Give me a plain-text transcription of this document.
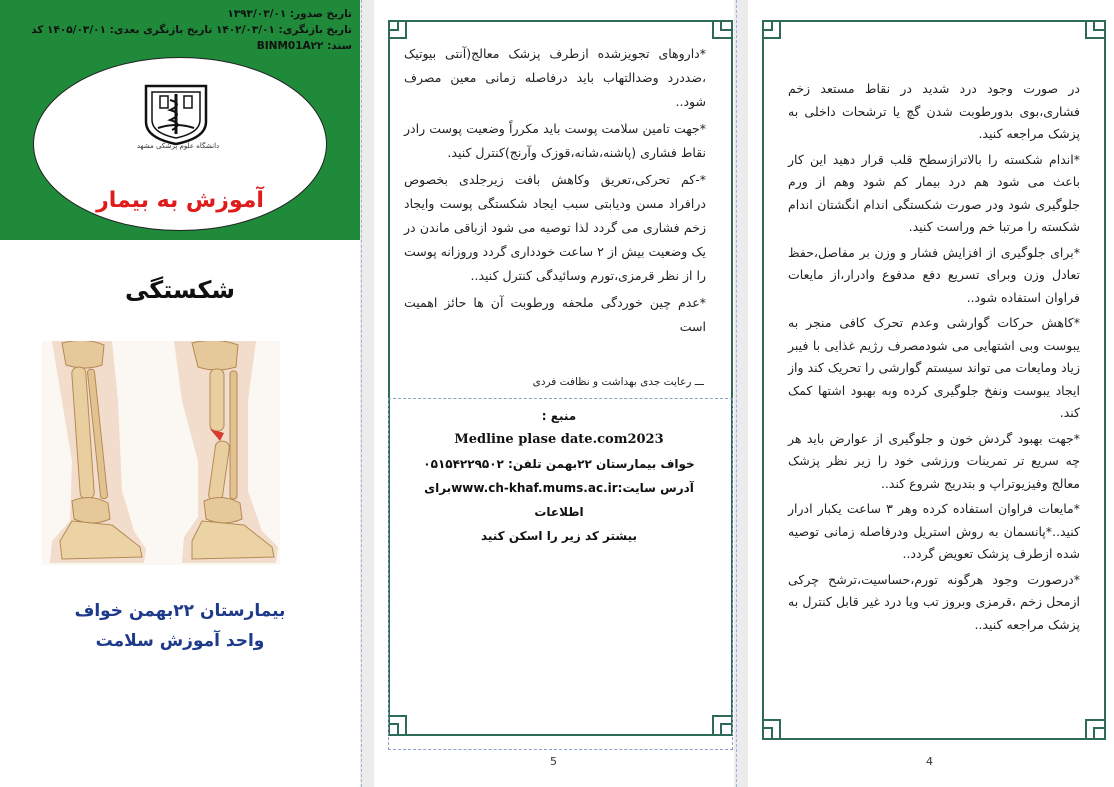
تاریخ صدور: ۱۳۹۳/۰۳/۰۱
تاریخ بازنگری: ۱۴۰۲/۰۳/۰۱ تاریخ بازنگری بعدی: ۱۴۰۵/۰۳/۰۱ کد
سند: BINM01A۲۲
دانشگاه علوم پزشکی مشهد
آموزش به بیمار
شکستگی
بیمارستان ۲۲بهمن خواف
واحد آموزش سلامت

*داروهای تجویزشده ازطرف پزشک معالج(آنتی بیوتیک ،ضددرد وضدالتهاب باید درفاصله زمانی معین مصرف شود..

*جهت تامین سلامت پوست باید مکرراً وضعیت پوست رادر نقاط فشاری (پاشنه،شانه،قوزک وآرنج)کنترل کنید.

*-کم تحرکی،تعریق وکاهش بافت زیرجلدی بخصوص درافراد مسن ودیابتی سبب ایجاد شکستگی پوست وایجاد زخم فشاری می گردد لذا توصیه می شود ازباقی ماندن در یک وضعیت بیش از ۲ ساعت خودداری گردد وروزانه پوست را از نظر قرمزی،تورم وسائیدگی کنترل کنید..

*عدم چین خوردگی ملحفه ورطوبت آن ها حائز اهمیت است

ـــ رعایت جدی بهداشت و نظافت فردی
منبع :
Medline plase date.com2023
خواف بیمارستان ۲۲بهمن تلفن: ۰۵۱۵۴۲۲۹۵۰۲
آدرس سایت:www.ch-khaf.mums.ac.irبرای اطلاعات
بیشتر کد زیر را اسکن کنید
5

در صورت وجود درد شدید در نقاط مستعد زخم فشاری،بوی بدورطوبت شدن گچ یا ترشحات داخلی به پزشک مراجعه کنید.

*اندام شکسته را بالاترازسطح قلب قرار دهید این کار باعث می شود هم درد بیمار کم شود وهم از ورم جلوگیری شود ودر صورت شکستگی اندام انگشتان اندام شکسته را مرتبا خم وراست کنید.

*برای جلوگیری از افزایش فشار و وزن بر مفاصل،حفظ تعادل وزن وبرای تسریع دفع مدفوع وادرار،از مایعات فراوان استفاده شود..

*کاهش حرکات گوارشی وعدم تحرک کافی منجر به یبوست وبی اشتهایی می شودمصرف رژیم غذایی با فیبر زیاد ومایعات می تواند سیستم گوارشی را تحریک کند واز ایجاد یبوست ونفخ جلوگیری کرده وبه بهبود اشتها کمک کند.

*جهت بهبود گردش خون و جلوگیری از عوارض باید هر چه سریع تر تمرینات ورزشی خود را زیر نظر پزشک معالج وفیزیوتراپ و بتدریج شروع کند..

*مایعات فراوان استفاده کرده وهر ۳ ساعت یکبار ادرار کنید..*پانسمان به روش استریل ودرفاصله زمانی توصیه شده ازطرف پزشک تعویض گردد..

*درصورت وجود هرگونه تورم،حساسیت،ترشح چرکی ازمحل زخم ،قرمزی وبروز تب ویا درد غیر قابل کنترل به پزشک مراجعه کنید..

4
